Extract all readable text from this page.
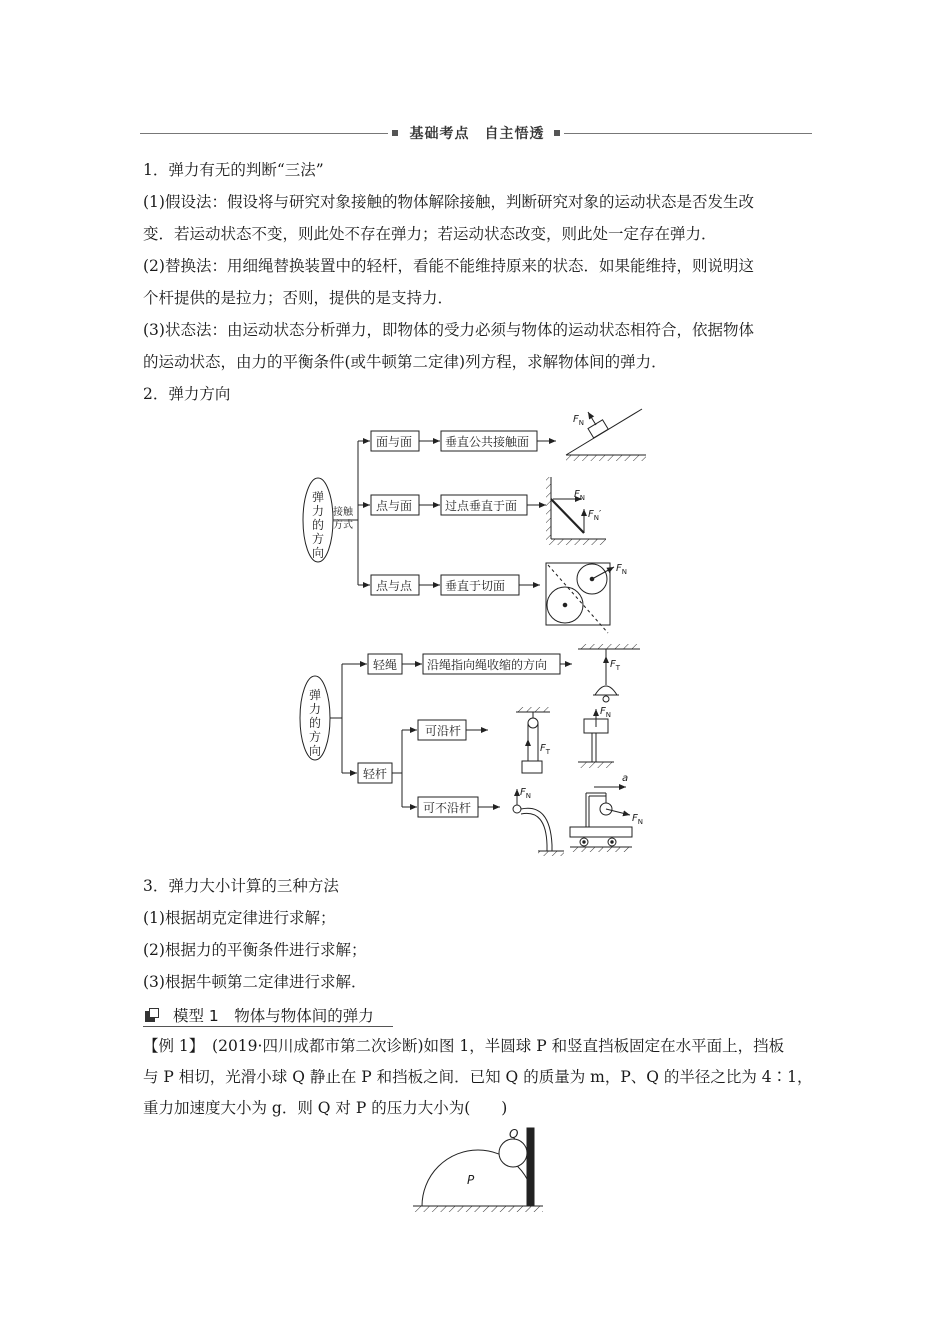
基础考点　自主悟透
1．弹力有无的判断“三法”
(1)假设法：假设将与研究对象接触的物体解除接触，判断研究对象的运动状态是否发生改
变．若运动状态不变，则此处不存在弹力；若运动状态改变，则此处一定存在弹力．
(2)替换法：用细绳替换装置中的轻杆，看能不能维持原来的状态．如果能维持，则说明这
个杆提供的是拉力；否则，提供的是支持力．
(3)状态法：由运动状态分析弹力，即物体的受力必须与物体的运动状态相符合，依据物体
的运动状态，由力的平衡条件(或牛顿第二定律)列方程，求解物体间的弹力．
2．弹力方向
弹
力
的
方
向
接触
方式
面与面
点与面
点与点
垂直公共接触面
过点垂直于面
垂直于切面
弹
力
的
方
向
轻绳 沿绳指向绳收缩的方向
轻杆
可沿杆
可不沿杆
$F_N$
$F_N$
$F_N'$
$F_N$
$F_T$
$F_T$
$F_N$
$F_N$
$F_N$
a
3．弹力大小计算的三种方法
(1)根据胡克定律进行求解；
(2)根据力的平衡条件进行求解；
(3)根据牛顿第二定律进行求解．
模型 1　物体与物体间的弹力
【例 1】　(2019·四川成都市第二次诊断)如图 1，半圆球 P 和竖直挡板固定在水平面上，挡板
与 P 相切，光滑小球 Q 静止在 P 和挡板之间．已知 Q 的质量为 m，P、Q 的半径之比为 4∶1，
重力加速度大小为 g．则 Q 对 P 的压力大小为(　　)
P
Q
